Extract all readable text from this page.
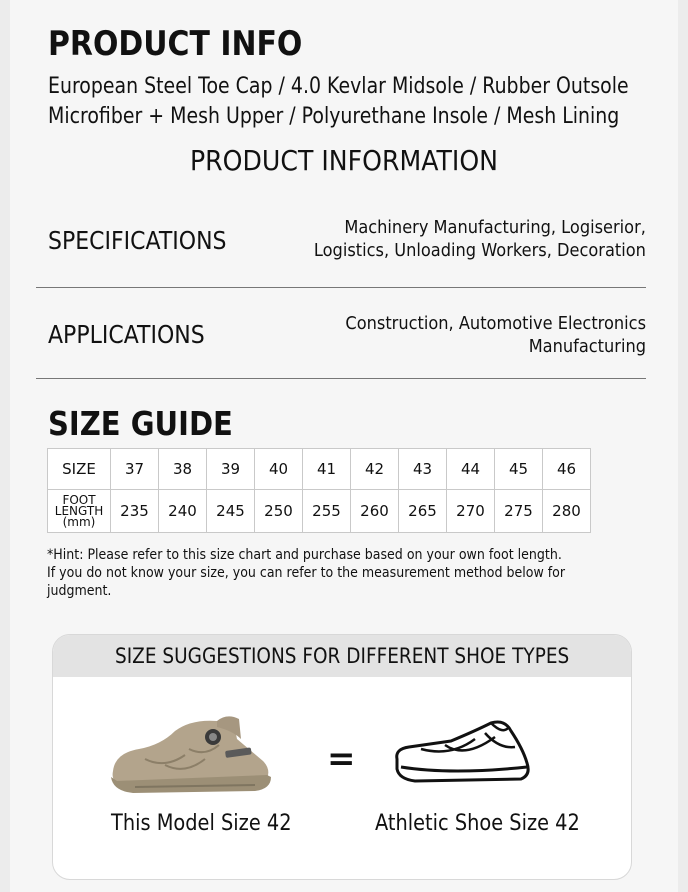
PRODUCT INFO
European Steel Toe Cap / 4.0 Kevlar Midsole / Rubber Outsole
Microfiber + Mesh Upper / Polyurethane Insole / Mesh Lining
PRODUCT INFORMATION
SPECIFICATIONS	Machinery Manufacturing, Logiserior,
Logistics, Unloading Workers, Decoration
APPLICATIONS	Construction, Automotive Electronics
Manufacturing
SIZE GUIDE
SIZE	37	38	39	40	41	42	43	44	45	46

FOOT
LENGTH
(mm)	235	240	245	250	255	260	265	270	275	280
*Hint: Please refer to this size chart and purchase based on your own foot length.
If you do not know your size, you can refer to the measurement method below for
judgment.
SIZE SUGGESTIONS FOR DIFFERENT SHOE TYPES
=
This Model Size 42	Athletic Shoe Size 42
